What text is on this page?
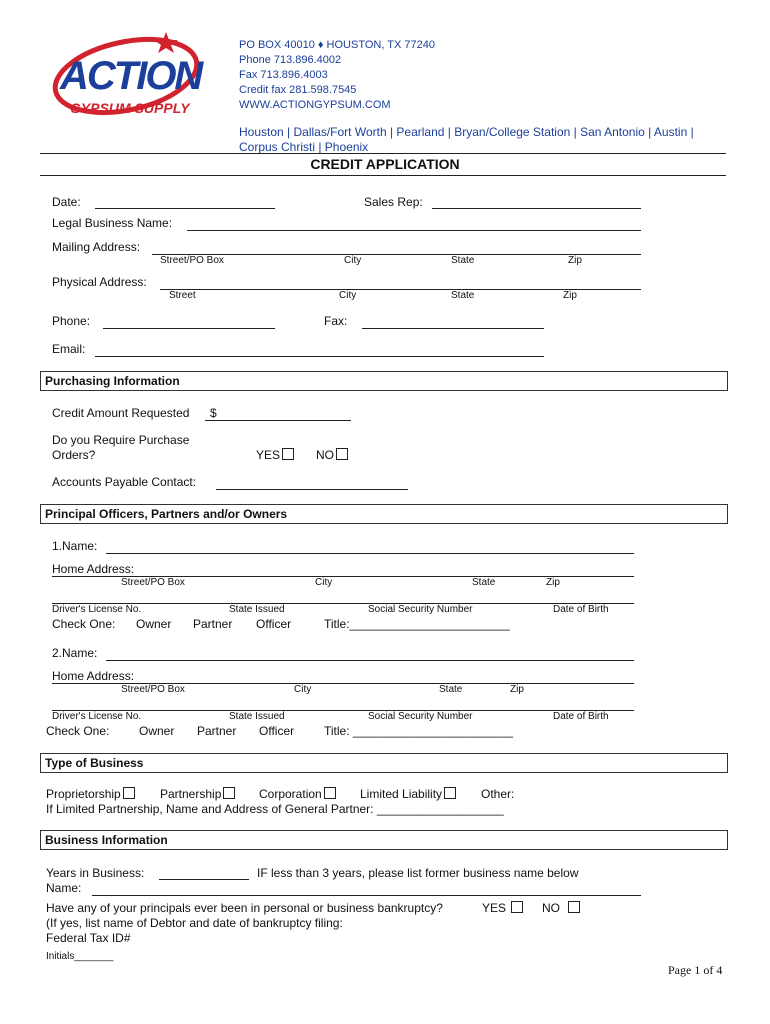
ACTION
GYPSUM SUPPLY
PO BOX 40010 ♦ HOUSTON, TX 77240
Phone 713.896.4002
Fax 713.896.4003
Credit fax 281.598.7545
WWW.ACTIONGYPSUM.COM
Houston | Dallas/Fort Worth | Pearland | Bryan/College Station | San Antonio | Austin |
Corpus Christi | Phoenix
CREDIT APPLICATION
Date:	Sales Rep:
Legal Business Name:
Mailing Address:
Street/PO Box	City	State	Zip
Physical Address:
Street	City	State	Zip
Phone:	Fax:
Email:
Purchasing Information
Credit Amount Requested $
Do you Require Purchase
Orders?	YES	NO
Accounts Payable Contact:
Principal Officers, Partners and/or Owners
1.Name:
Home Address:
Street/PO Box	City	State	Zip
Driver's License No.	State Issued	Social Security Number	Date of Birth
Check One: Owner Partner Officer	Title:________________________
2.Name:
Home Address:
Street/PO Box	City	State	Zip
Driver's License No.	State Issued	Social Security Number	Date of Birth
Check One: Owner Partner Officer Title: ________________________
Type of Business
Proprietorship	Partnership	Corporation	Limited Liability	Other:
If Limited Partnership, Name and Address of General Partner: ___________________
Business Information
Years in Business:	IF less than 3 years, please list former business name below
Name:
Have any of your principals ever been in personal or business bankruptcy?	YES	NO
(If yes, list name of Debtor and date of bankruptcy filing:
Federal Tax ID#
Initials_______
Page 1 of 4
